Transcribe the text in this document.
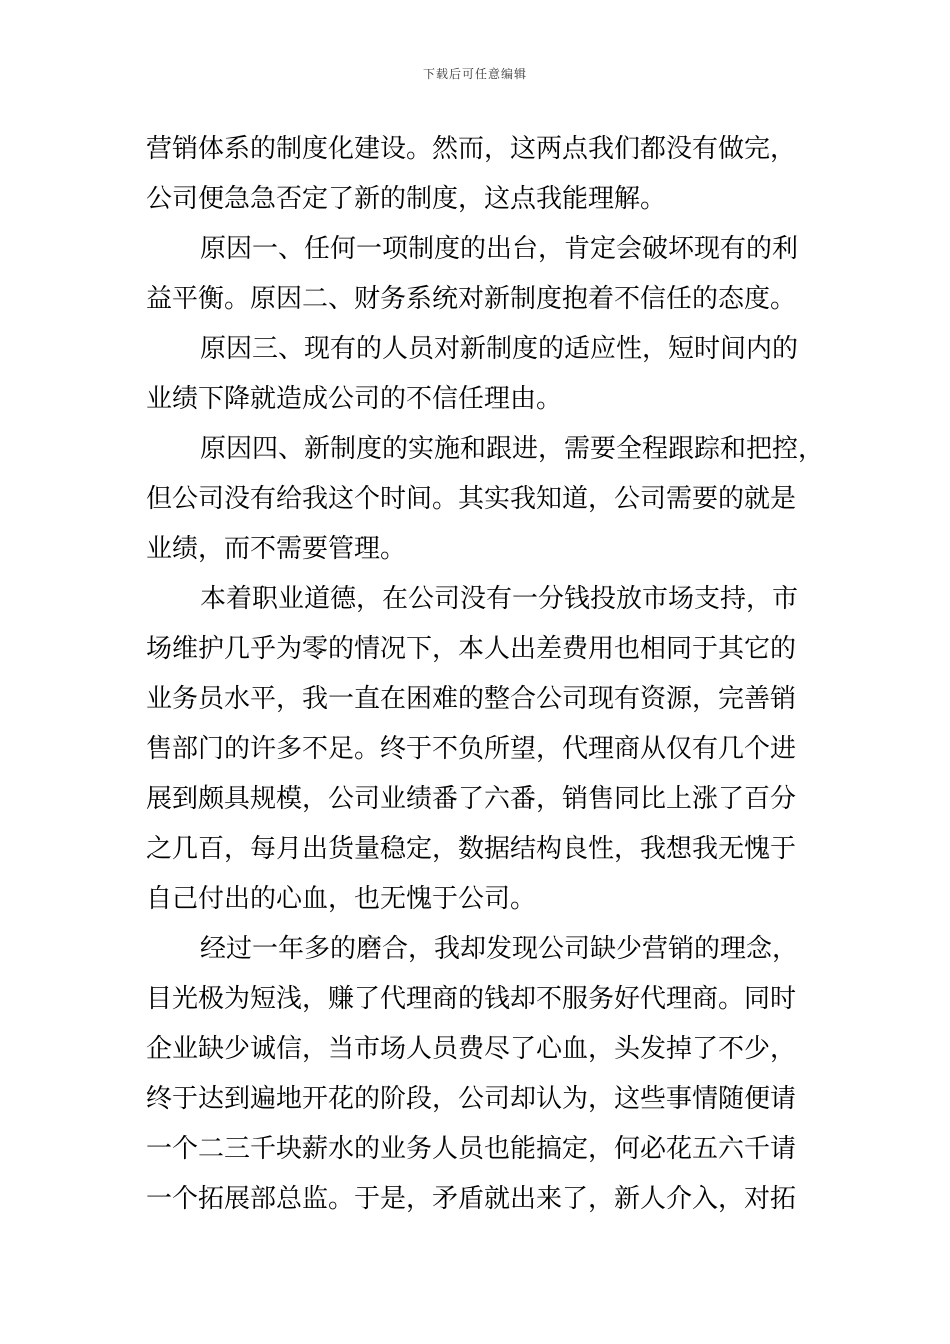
下载后可任意编辑
营销体系的制度化建设。然而，这两点我们都没有做完，
公司便急急否定了新的制度，这点我能理解。
原因一、任何一项制度的出台，肯定会破坏现有的利
益平衡。原因二、财务系统对新制度抱着不信任的态度。
原因三、现有的人员对新制度的适应性，短时间内的
业绩下降就造成公司的不信任理由。
原因四、新制度的实施和跟进，需要全程跟踪和把控，
但公司没有给我这个时间。其实我知道，公司需要的就是
业绩，而不需要管理。
本着职业道德，在公司没有一分钱投放市场支持，市
场维护几乎为零的情况下，本人出差费用也相同于其它的
业务员水平，我一直在困难的整合公司现有资源，完善销
售部门的许多不足。终于不负所望，代理商从仅有几个进
展到颇具规模，公司业绩番了六番，销售同比上涨了百分
之几百，每月出货量稳定，数据结构良性，我想我无愧于
自己付出的心血，也无愧于公司。
经过一年多的磨合，我却发现公司缺少营销的理念，
目光极为短浅，赚了代理商的钱却不服务好代理商。同时
企业缺少诚信，当市场人员费尽了心血，头发掉了不少，
终于达到遍地开花的阶段，公司却认为，这些事情随便请
一个二三千块薪水的业务人员也能搞定，何必花五六千请
一个拓展部总监。于是，矛盾就出来了，新人介入，对拓
